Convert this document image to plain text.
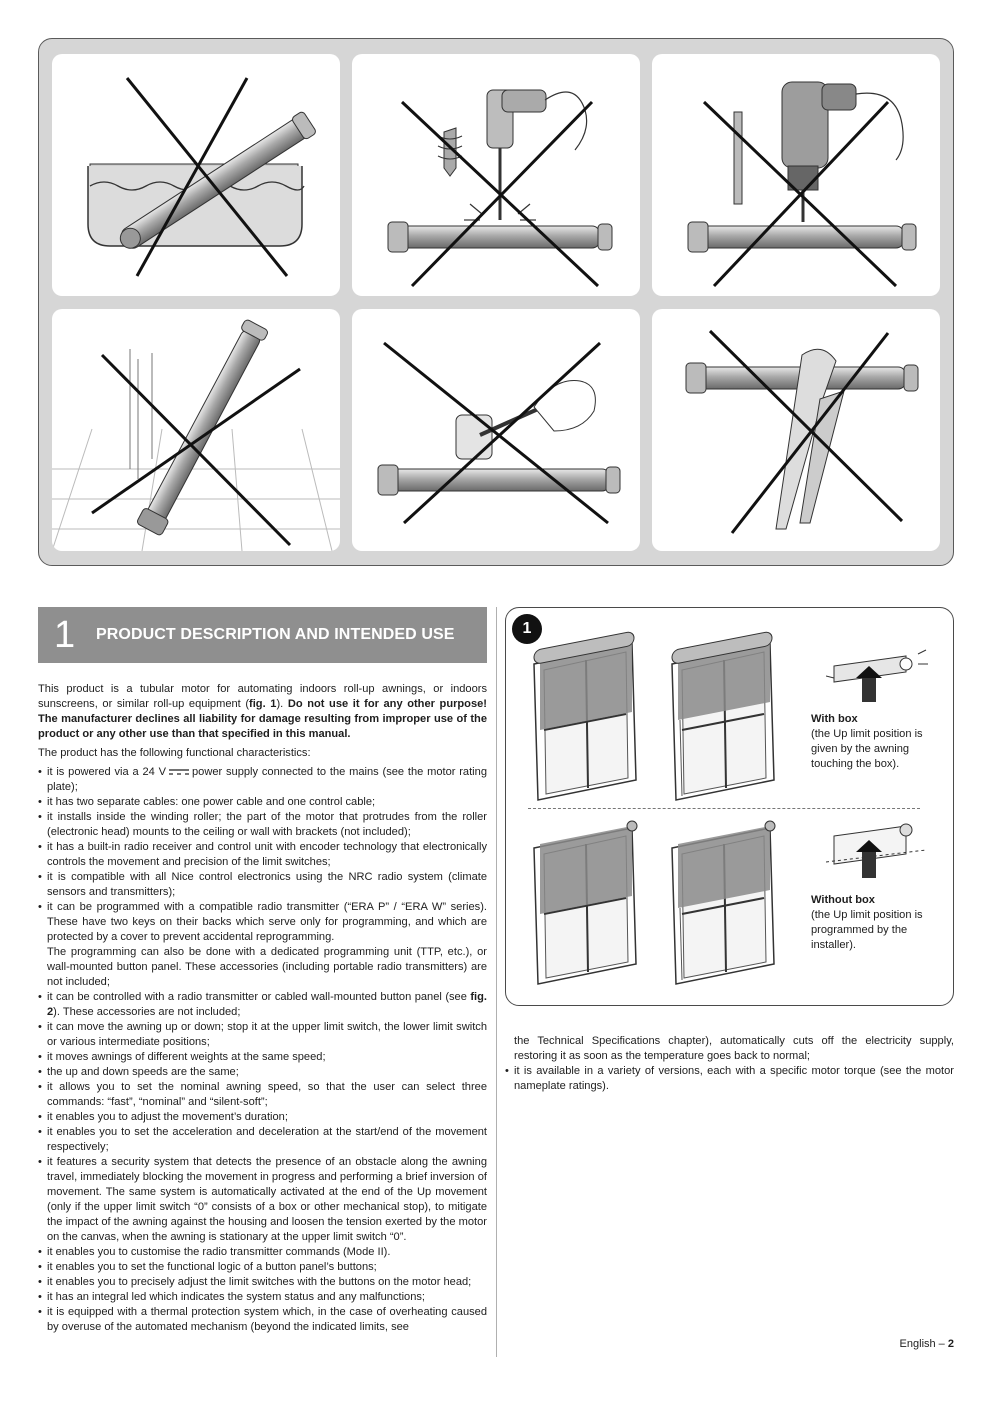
1 PRODUCT DESCRIPTION AND INTENDED USE

This product is a tubular motor for automating indoors roll-up awnings, or indoors sunscreens, or similar roll-up equipment (fig. 1). Do not use it for any other purpose! The manufacturer declines all liability for damage resulting from improper use of the product or any other use than that specified in this manual.

The product has the following functional characteristics:

• it is powered via a 24 V power supply connected to the mains (see the motor rating plate);
• it has two separate cables: one power cable and one control cable;
• it installs inside the winding roller; the part of the motor that protrudes from the roller (electronic head) mounts to the ceiling or wall with brackets (not included);
• it has a built-in radio receiver and control unit with encoder technology that electronically controls the movement and precision of the limit switches;
• it is compatible with all Nice control electronics using the NRC radio system (climate sensors and transmitters);
• it can be programmed with a compatible radio transmitter (“ERA P” / “ERA W” series). These have two keys on their backs which serve only for programming, and which are protected by a cover to prevent accidental reprogramming.
The programming can also be done with a dedicated programming unit (TTP, etc.), or wall-mounted button panel. These accessories (including portable radio transmitters) are not included;
• it can be controlled with a radio transmitter or cabled wall-mounted button panel (see fig. 2). These accessories are not included;
• it can move the awning up or down; stop it at the upper limit switch, the lower limit switch or various intermediate positions;
• it moves awnings of different weights at the same speed;
• the up and down speeds are the same;
• it allows you to set the nominal awning speed, so that the user can select three commands: “fast”, “nominal” and “silent-soft”;
• it enables you to adjust the movement’s duration;
• it enables you to set the acceleration and deceleration at the start/end of the movement respectively;
• it features a security system that detects the presence of an obstacle along the awning travel, immediately blocking the movement in progress and performing a brief inversion of movement. The same system is automatically activated at the end of the Up movement (only if the upper limit switch “0” consists of a box or other mechanical stop), to mitigate the impact of the awning against the housing and loosen the tension exerted by the motor on the canvas, when the awning is stationary at the upper limit switch “0”.
• it enables you to customise the radio transmitter commands (Mode II).
• it enables you to set the functional logic of a button panel’s buttons;
• it enables you to precisely adjust the limit switches with the buttons on the motor head;
• it has an integral led which indicates the system status and any malfunctions;
• it is equipped with a thermal protection system which, in the case of overheating caused by overuse of the automated mechanism (beyond the indicated limits, see
1
With box
(the Up limit position is given by the awning touching the box).
Without box
(the Up limit position is programmed by the installer).

the Technical Specifications chapter), automatically cuts off the electricity supply, restoring it as soon as the temperature goes back to normal;

• it is available in a variety of versions, each with a specific motor torque (see the motor nameplate ratings).
English – 2
